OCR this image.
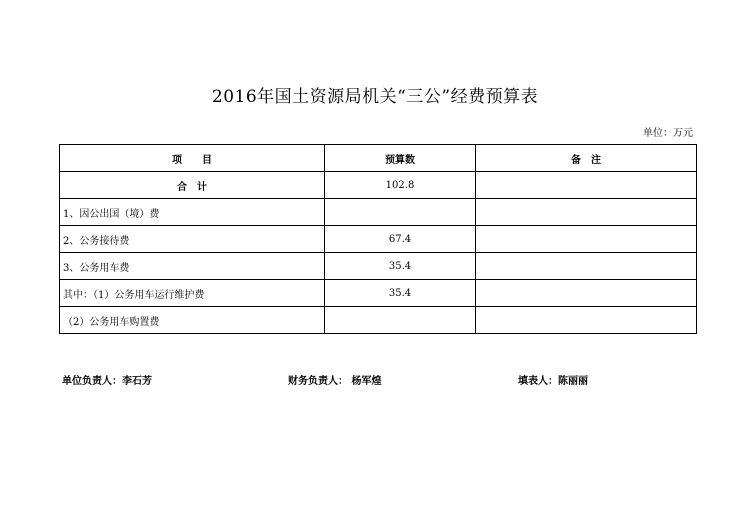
2016年国土资源局机关“三公”经费预算表
单位：万元
项　　目	预算数	备　注
合　计	102.8	
1、因公出国（境）费		
2、公务接待费	67.4	
3、公务用车费	35.4	
其中：（1）公务用车运行维护费	35.4	
（2）公务用车购置费		
单位负责人：李石芳	财务负责人： 杨军煌	填表人：陈丽丽
